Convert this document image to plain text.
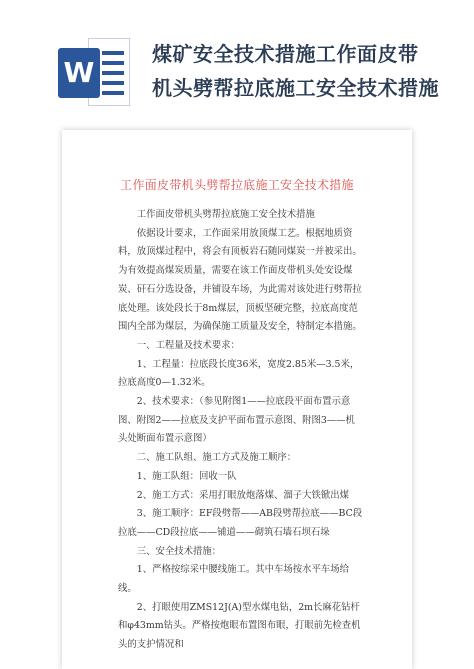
W
煤矿安全技术措施工作面皮带
机头劈帮拉底施工安全技术措施
工作面皮带机头劈帮拉底施工安全技术措施

工作面皮带机头劈帮拉底施工安全技术措施

依据设计要求，工作面采用放顶煤工艺。根据地质资料，放顶煤过程中，将会有顶板岩石随同煤炭一并被采出。为有效提高煤炭质量，需要在该工作面皮带机头处安设煤炭、矸石分选设备，并铺设车场，为此需对该处进行劈帮拉底处理。该处段长于8m煤层，顶板坚硬完整，拉底高度范围内全部为煤层，为确保施工质量及安全，特制定本措施。

一、工程量及技术要求：

1、工程量：拉底段长度36米，宽度2.85米—3.5米，拉底高度0—1.32米。

2、技术要求：（参见附图1——拉底段平面布置示意图、附图2——拉底及支护平面布置示意图、附图3——机头处断面布置示意图）

二、施工队组、施工方式及施工顺序：

1、施工队组：回收一队

2、施工方式：采用打眼放炮落煤、溜子大铁锨出煤

3、施工顺序：EF段劈帮——AB段劈帮拉底——BC段拉底——CD段拉底——铺道——砌筑石墙石坝石垛

三、安全技术措施：

1、严格按综采中腰线施工。其中车场按水平车场给线。

2、打眼使用ZMS12J(A)型水煤电钻，2m长麻花钻杆和φ43mm钻头。严格按炮眼布置图布眼，打眼前先检查机头的支护情况和
